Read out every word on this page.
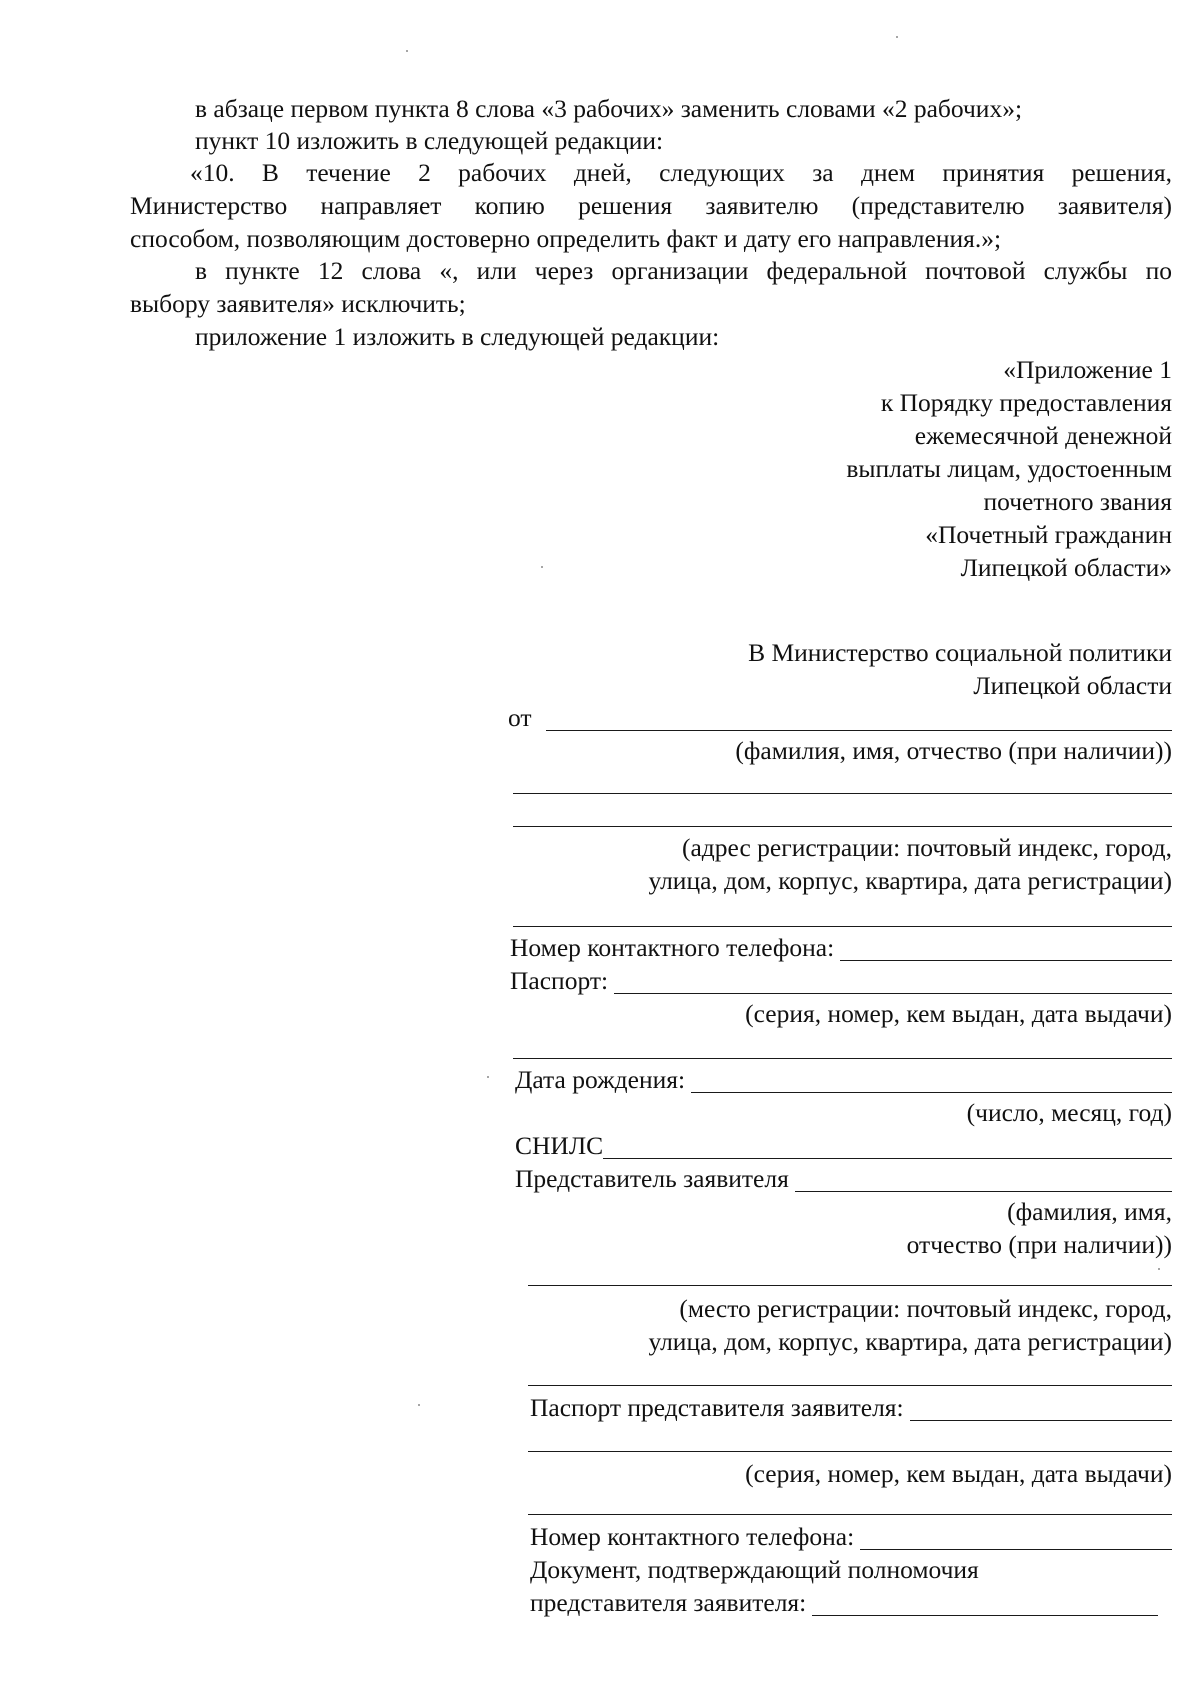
в абзаце первом пункта 8 слова «3 рабочих» заменить словами «2 рабочих»;
пункт 10 изложить в следующей редакции:
«10. В течение 2 рабочих дней, следующих за днем принятия решения,
Министерство направляет копию решения заявителю (представителю заявителя)
способом, позволяющим достоверно определить факт и дату его направления.»;
в пункте 12 слова «, или через организации федеральной почтовой службы по
выбору заявителя» исключить;
приложение 1 изложить в следующей редакции:
«Приложение 1
к Порядку предоставления
ежемесячной денежной
выплаты лицам, удостоенным
почетного звания
«Почетный гражданин
Липецкой области»
В Министерство социальной политики
Липецкой области
от
(фамилия, имя, отчество (при наличии))
(адрес регистрации: почтовый индекс, город,
улица, дом, корпус, квартира, дата регистрации)
Номер контактного телефона:
Паспорт:
(серия, номер, кем выдан, дата выдачи)
Дата рождения:
(число, месяц, год)
СНИЛС
Представитель заявителя
(фамилия, имя,
отчество (при наличии))
(место регистрации: почтовый индекс, город,
улица, дом, корпус, квартира, дата регистрации)
Паспорт представителя заявителя:
(серия, номер, кем выдан, дата выдачи)
Номер контактного телефона:
Документ, подтверждающий полномочия
представителя заявителя:
